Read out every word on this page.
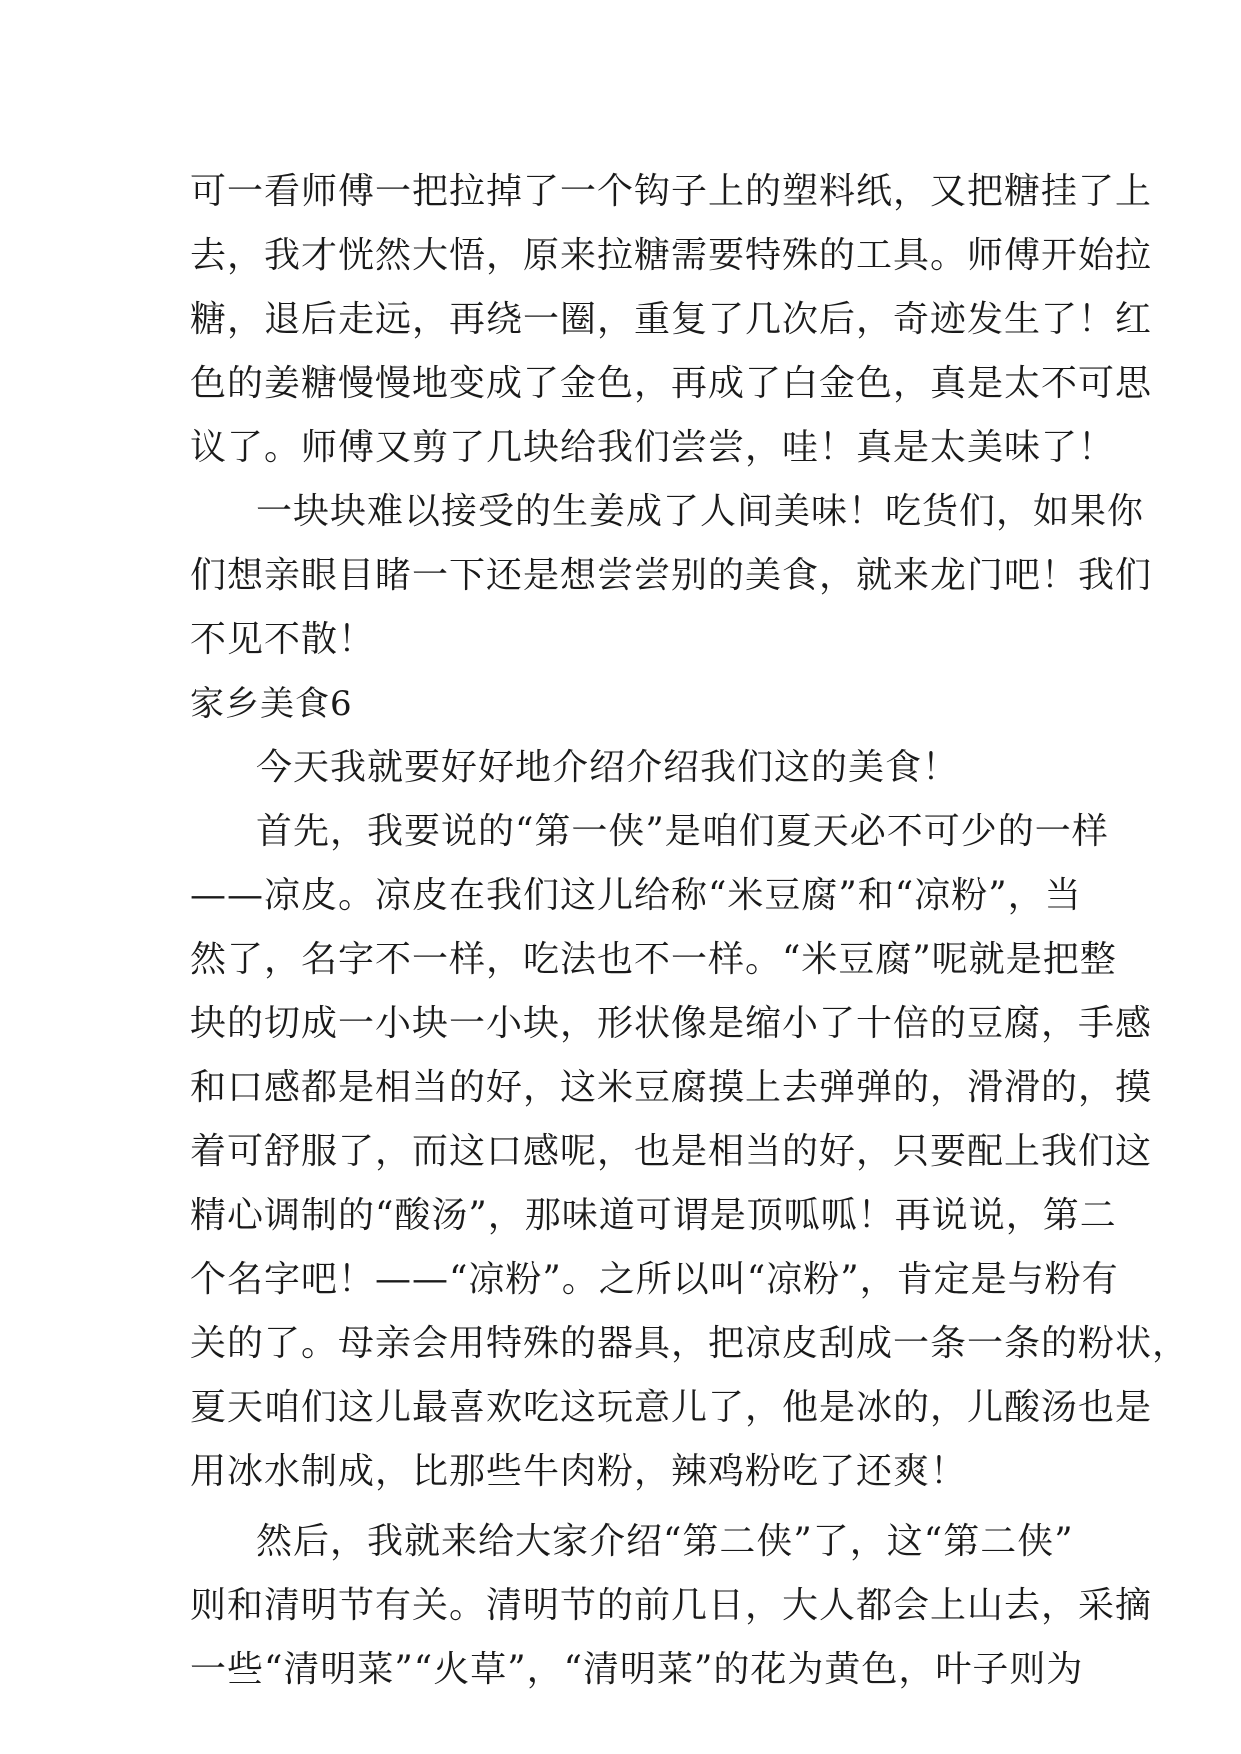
可一看师傅一把拉掉了一个钩子上的塑料纸，又把糖挂了上
去，我才恍然大悟，原来拉糖需要特殊的工具。师傅开始拉
糖，退后走远，再绕一圈，重复了几次后，奇迹发生了！红
色的姜糖慢慢地变成了金色，再成了白金色，真是太不可思
议了。师傅又剪了几块给我们尝尝，哇！真是太美味了！
一块块难以接受的生姜成了人间美味！吃货们，如果你
们想亲眼目睹一下还是想尝尝别的美食，就来龙门吧！我们
不见不散！
家乡美食6
今天我就要好好地介绍介绍我们这的美食！
首先，我要说的“第一侠”是咱们夏天必不可少的一样
——凉皮。凉皮在我们这儿给称“米豆腐”和“凉粉”，当
然了，名字不一样，吃法也不一样。“米豆腐”呢就是把整
块的切成一小块一小块，形状像是缩小了十倍的豆腐，手感
和口感都是相当的好，这米豆腐摸上去弹弹的，滑滑的，摸
着可舒服了，而这口感呢，也是相当的好，只要配上我们这
精心调制的“酸汤”，那味道可谓是顶呱呱！再说说，第二
个名字吧！——“凉粉”。之所以叫“凉粉”，肯定是与粉有
关的了。母亲会用特殊的器具，把凉皮刮成一条一条的粉状，
夏天咱们这儿最喜欢吃这玩意儿了，他是冰的，儿酸汤也是
用冰水制成，比那些牛肉粉，辣鸡粉吃了还爽！
然后，我就来给大家介绍“第二侠”了，这“第二侠”
则和清明节有关。清明节的前几日，大人都会上山去，采摘
一些“清明菜”“火草”，“清明菜”的花为黄色，叶子则为
